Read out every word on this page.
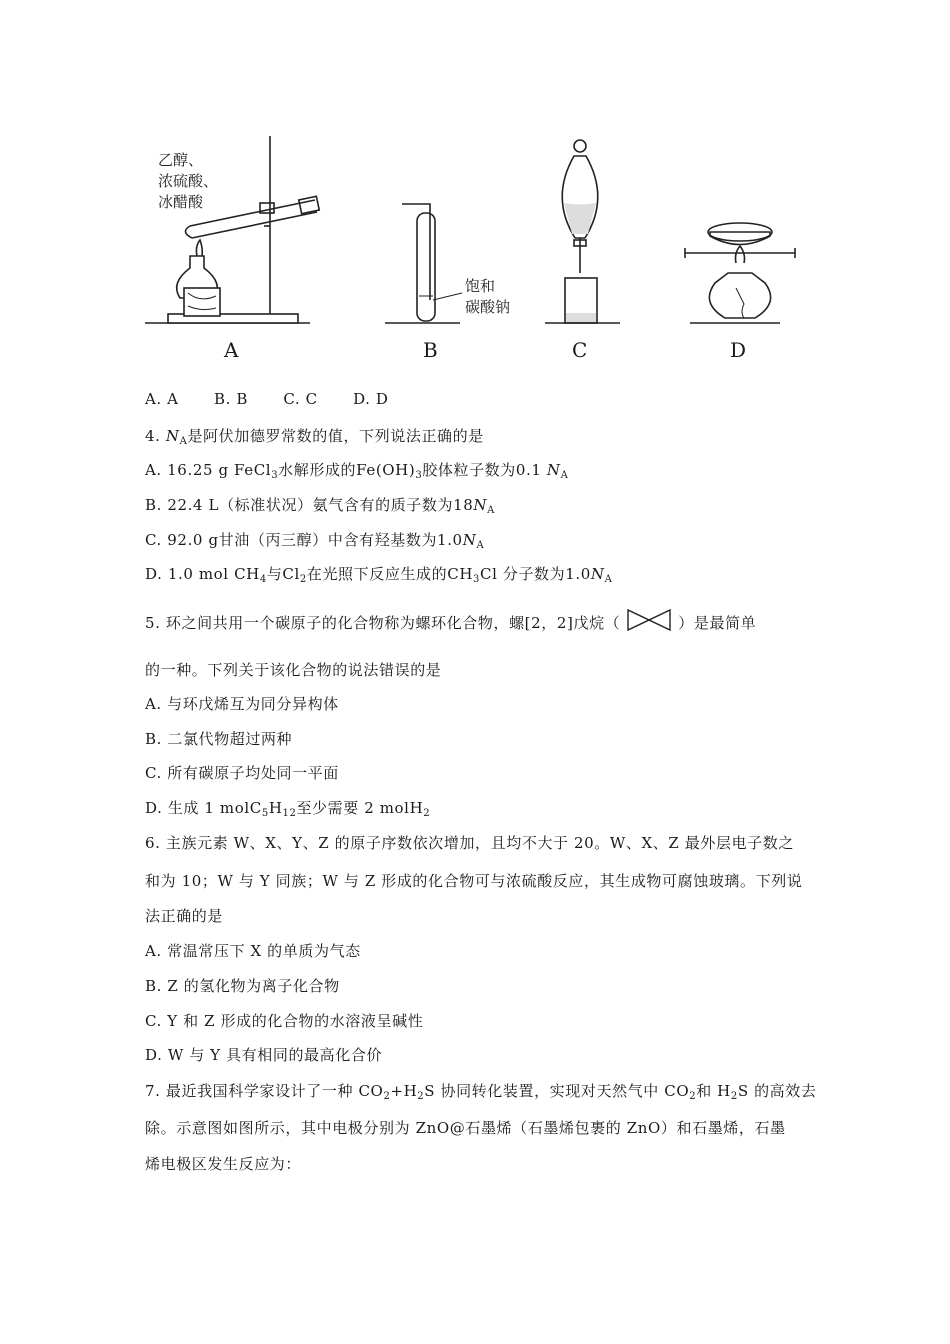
A	B	C	D
乙醇、
浓硫酸、
冰醋酸
饱和
碳酸钠
A. A B. B C. C D. D
4. $N_A$是阿伏加德罗常数的值，下列说法正确的是
A. 16.25 g FeCl$_3$水解形成的$Fe(OH)_3$胶体粒子数为0.1 $N_A$
B. 22.4 L（标准状况）氨气含有的质子数为$18N_A$
C. 92.0 g甘油（丙三醇）中含有羟基数为$1.0N_A$
D. 1.0 mol $CH_4$与$Cl_2$在光照下反应生成的$CH_3Cl$ 分子数为$1.0N_A$
5. 环之间共用一个碳原子的化合物称为螺环化合物，螺[2，2]戊烷（	）是最简单
的一种。下列关于该化合物的说法错误的是
A. 与环戊烯互为同分异构体
B. 二氯代物超过两种
C. 所有碳原子均处同一平面
D. 生成 1 $molC_5H_{12}$至少需要 2 molH$_2$
6. 主族元素 W、X、Y、Z 的原子序数依次增加，且均不大于 20。W、X、Z 最外层电子数之
和为 10；W 与 Y 同族；W 与 Z 形成的化合物可与浓硫酸反应，其生成物可腐蚀玻璃。下列说
法正确的是
A. 常温常压下 X 的单质为气态
B. Z 的氢化物为离子化合物
C. Y 和 Z 形成的化合物的水溶液呈碱性
D. W 与 Y 具有相同的最高化合价
7. 最近我国科学家设计了一种 $CO_2+H_2S$ 协同转化装置，实现对天然气中 $CO_2$和 $H_2S$ 的高效去
除。示意图如图所示，其中电极分别为 ZnO@石墨烯（石墨烯包裹的 ZnO）和石墨烯，石墨
烯电极区发生反应为：
